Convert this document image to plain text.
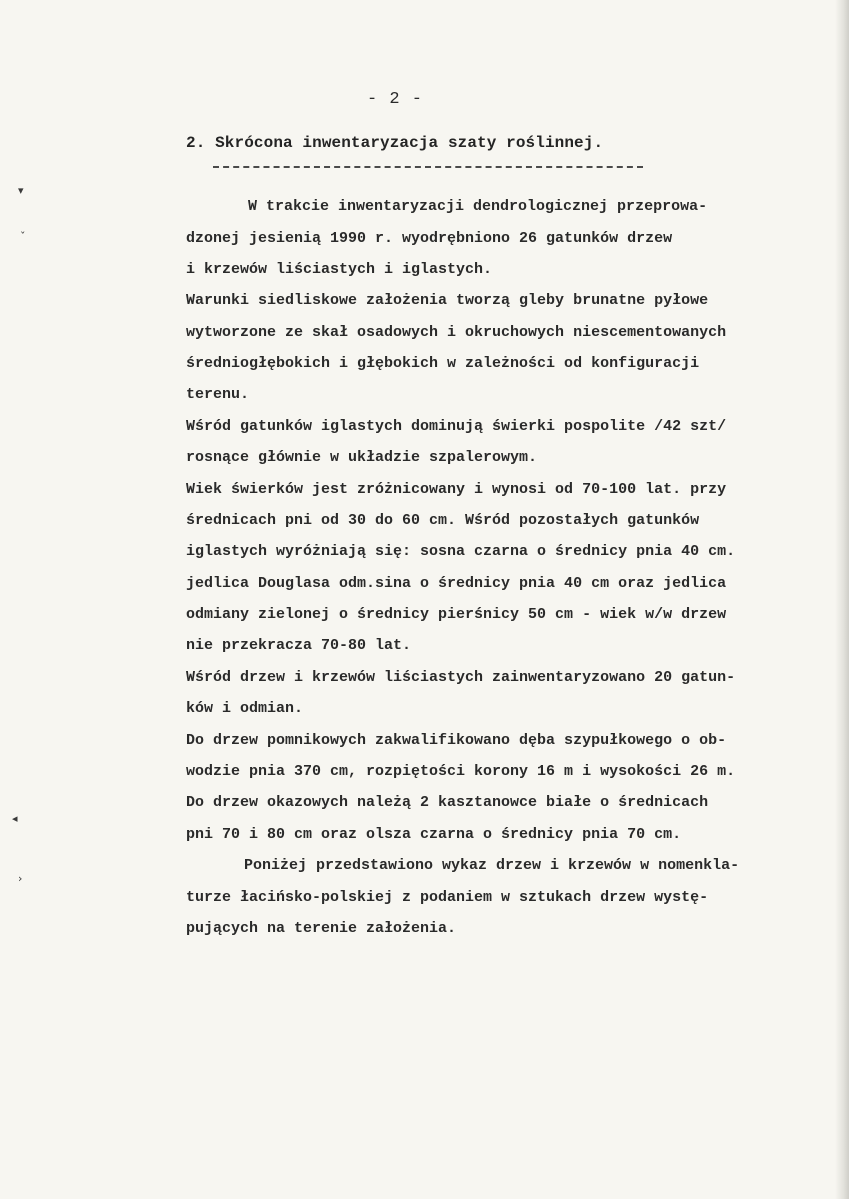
▾
ˇ
◂
›
- 2 -
2. Skrócona inwentaryzacja szaty roślinnej.
W trakcie inwentaryzacji dendrologicznej przeprowa-
dzonej jesienią 1990 r. wyodrębniono 26 gatunków drzew
i krzewów liściastych i iglastych.
Warunki siedliskowe założenia tworzą gleby brunatne pyłowe
wytworzone ze skał osadowych i okruchowych niescementowanych
średniogłębokich i głębokich w zależności od konfiguracji
terenu.
Wśród gatunków iglastych dominują świerki pospolite /42 szt/
rosnące głównie w układzie szpalerowym.
Wiek świerków jest zróżnicowany i wynosi od 70-100 lat. przy
średnicach pni od 30 do 60 cm. Wśród pozostałych gatunków
iglastych wyróżniają się: sosna czarna o średnicy pnia 40 cm.
jedlica Douglasa odm.sina o średnicy pnia 40 cm oraz jedlica
odmiany zielonej o średnicy pierśnicy 50 cm - wiek w/w drzew
nie przekracza 70-80 lat.
Wśród drzew i krzewów liściastych zainwentaryzowano 20 gatun-
ków i odmian.
Do drzew pomnikowych zakwalifikowano dęba szypułkowego o ob-
wodzie pnia 370 cm, rozpiętości korony 16 m i wysokości 26 m.
Do drzew okazowych należą 2 kasztanowce białe o średnicach
pni 70 i 80 cm oraz olsza czarna o średnicy pnia 70 cm.
Poniżej przedstawiono wykaz drzew i krzewów w nomenkla-
turze łacińsko-polskiej z podaniem w sztukach drzew wystę-
pujących na terenie założenia.
